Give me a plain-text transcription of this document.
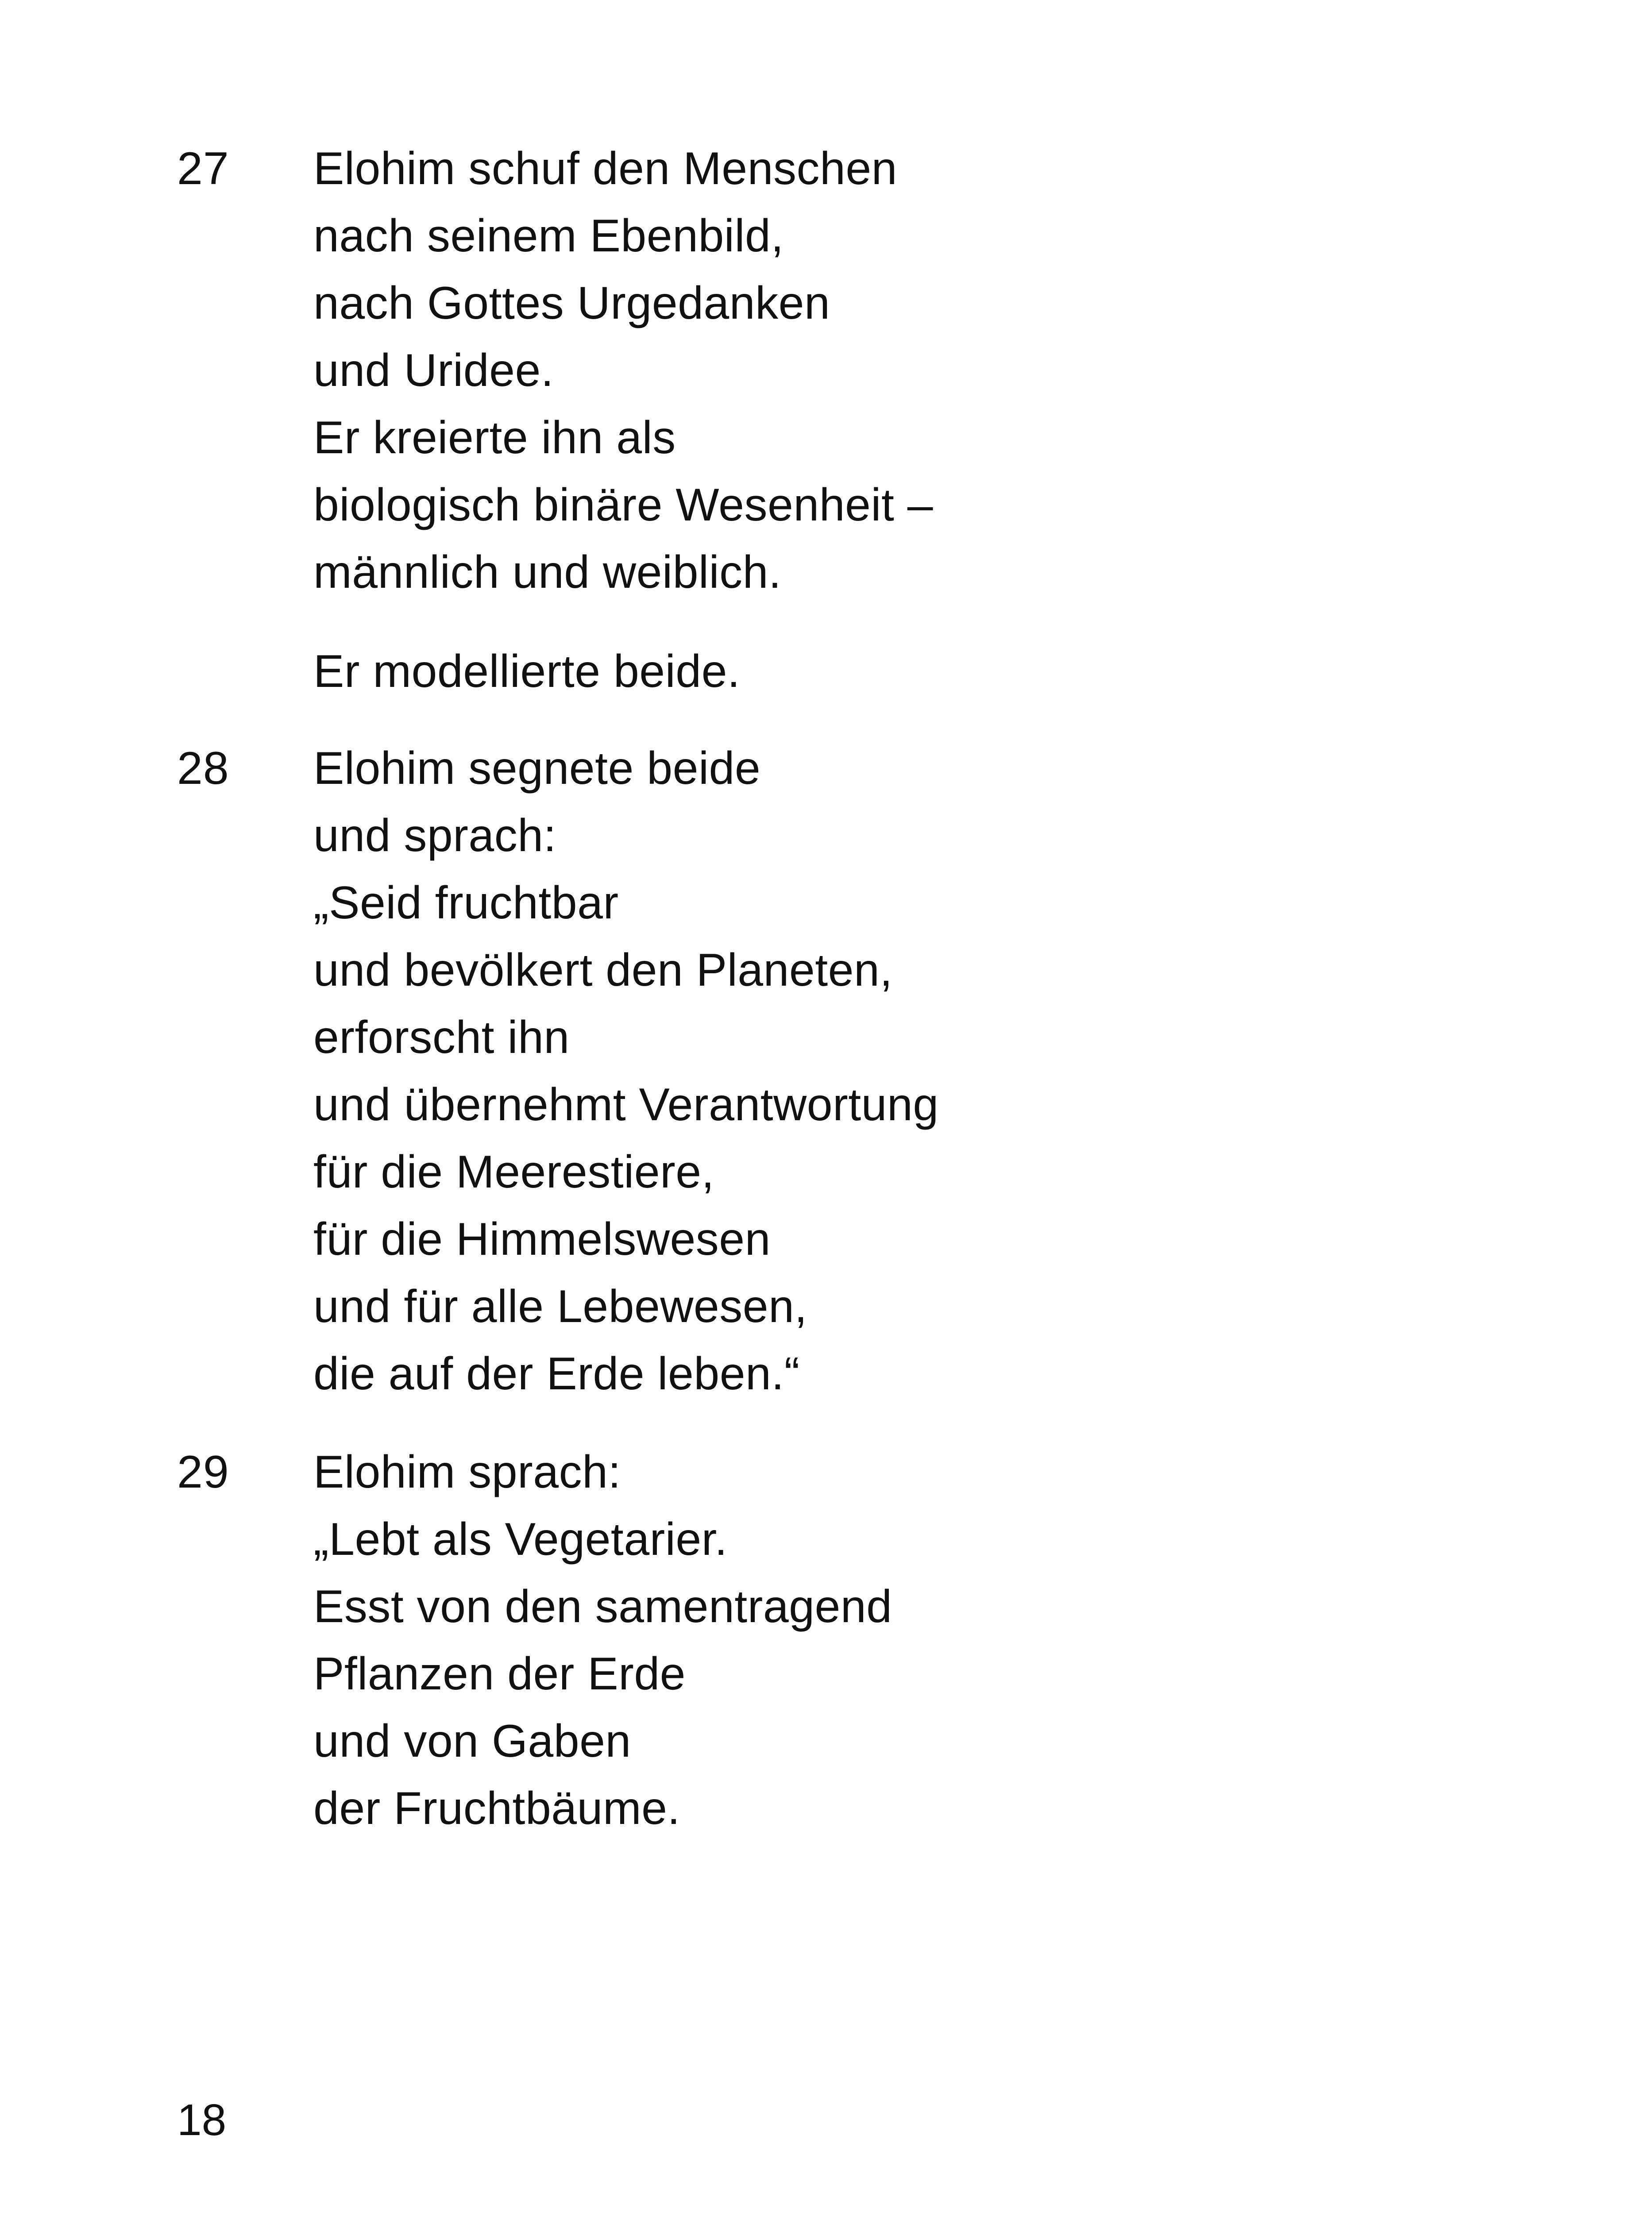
27 Elohim schuf den Menschen
nach seinem Ebenbild,
nach Gottes Urgedanken
und Uridee.
Er kreierte ihn als
biologisch binäre Wesenheit –
männlich und weiblich.
Er modellierte beide.
28 Elohim segnete beide
und sprach:
„Seid fruchtbar
und bevölkert den Planeten,
erforscht ihn
und übernehmt Verantwortung
für die Meerestiere,
für die Himmelswesen
und für alle Lebewesen,
die auf der Erde leben.“
29 Elohim sprach:
„Lebt als Vegetarier.
Esst von den samentragend
Pflanzen der Erde
und von Gaben
der Fruchtbäume.
18
